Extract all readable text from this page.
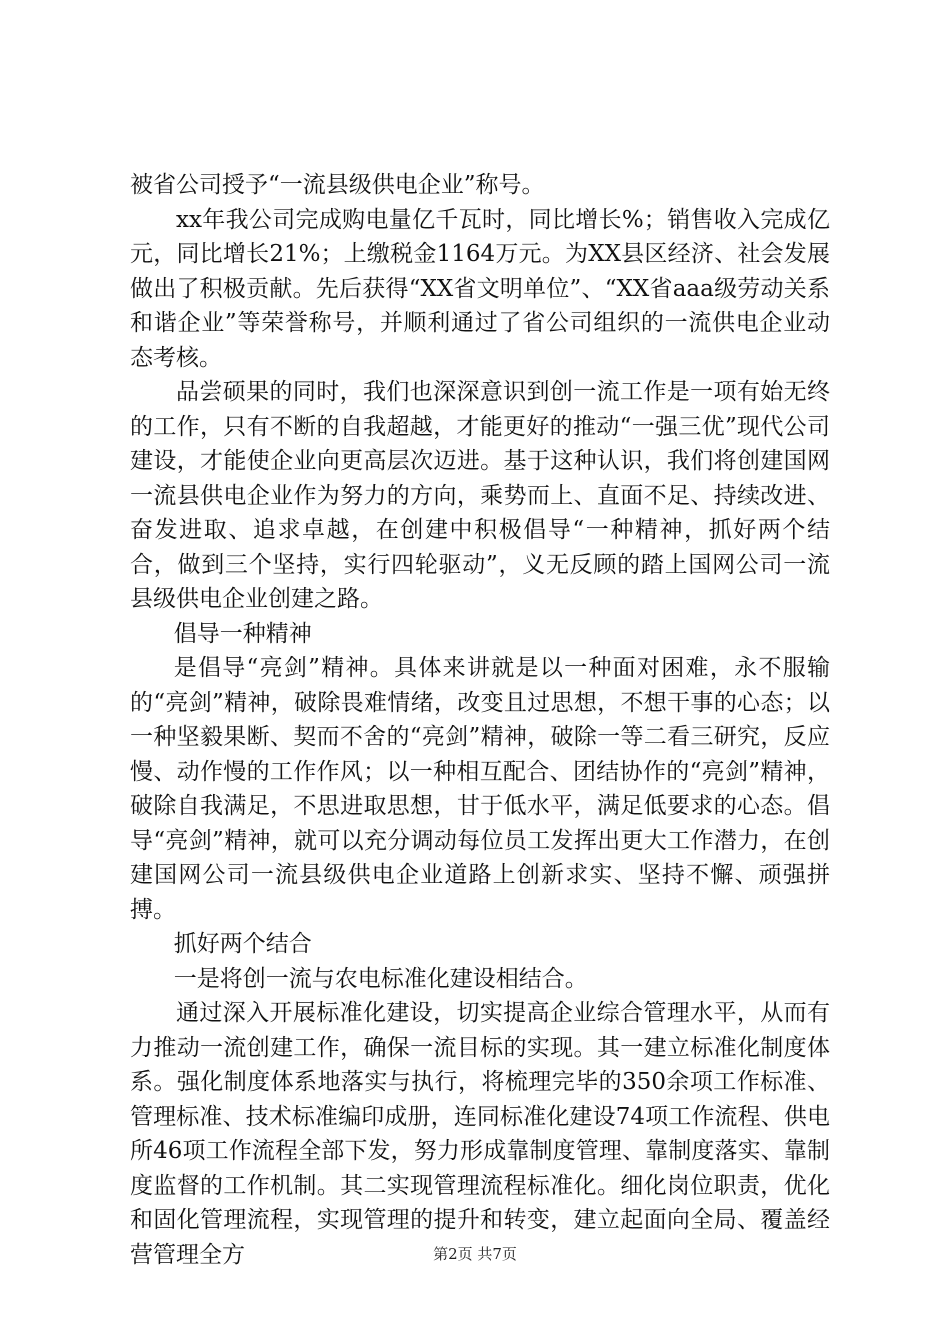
被省公司授予“一流县级供电企业”称号。

xx年我公司完成购电量亿千瓦时，同比增长%；销售收入完成亿元，同比增长21%；上缴税金1164万元。为XX县区经济、社会发展做出了积极贡献。先后获得“XX省文明单位”、“XX省aaa级劳动关系和谐企业”等荣誉称号，并顺利通过了省公司组织的一流供电企业动态考核。

品尝硕果的同时，我们也深深意识到创一流工作是一项有始无终的工作，只有不断的自我超越，才能更好的推动“一强三优”现代公司建设，才能使企业向更高层次迈进。基于这种认识，我们将创建国网一流县供电企业作为努力的方向，乘势而上、直面不足、持续改进、奋发进取、追求卓越，在创建中积极倡导“一种精神，抓好两个结合，做到三个坚持，实行四轮驱动”，义无反顾的踏上国网公司一流县级供电企业创建之路。

倡导一种精神

是倡导“亮剑”精神。具体来讲就是以一种面对困难，永不服输的“亮剑”精神，破除畏难情绪，改变且过思想，不想干事的心态；以一种坚毅果断、契而不舍的“亮剑”精神，破除一等二看三研究，反应慢、动作慢的工作作风；以一种相互配合、团结协作的“亮剑”精神，破除自我满足，不思进取思想，甘于低水平，满足低要求的心态。倡导“亮剑”精神，就可以充分调动每位员工发挥出更大工作潜力，在创建国网公司一流县级供电企业道路上创新求实、坚持不懈、顽强拼搏。

抓好两个结合

一是将创一流与农电标准化建设相结合。

通过深入开展标准化建设，切实提高企业综合管理水平，从而有力推动一流创建工作，确保一流目标的实现。其一建立标准化制度体系。强化制度体系地落实与执行，将梳理完毕的350余项工作标准、管理标准、技术标准编印成册，连同标准化建设74项工作流程、供电所46项工作流程全部下发，努力形成靠制度管理、靠制度落实、靠制度监督的工作机制。其二实现管理流程标准化。细化岗位职责，优化和固化管理流程，实现管理的提升和转变，建立起面向全局、覆盖经营管理全方	第2页 共7页
